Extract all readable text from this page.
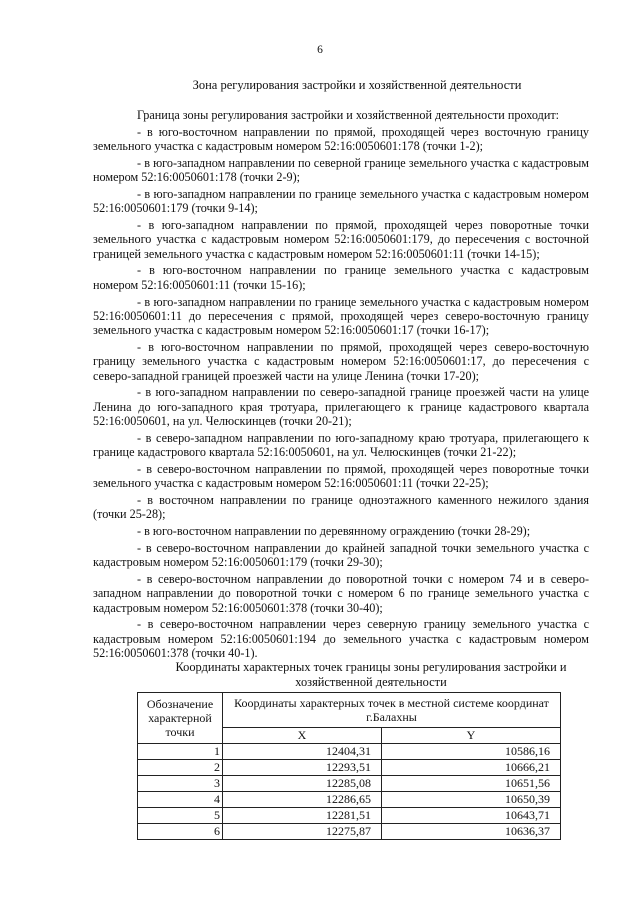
6
Зона регулирования застройки и хозяйственной деятельности

Граница зоны регулирования застройки и хозяйственной деятельности проходит:

- в юго-восточном направлении по прямой, проходящей через восточную границу земельного участка с кадастровым номером 52:16:0050601:178 (точки 1-2);

- в юго-западном направлении по северной границе земельного участка с кадастровым номером 52:16:0050601:178 (точки 2-9);

- в юго-западном направлении по границе земельного участка с кадастровым номером 52:16:0050601:179 (точки 9-14);

- в юго-западном направлении по прямой, проходящей через поворотные точки земельного участка с кадастровым номером 52:16:0050601:179, до пересечения с восточной границей земельного участка с кадастровым номером 52:16:0050601:11 (точки 14-15);

- в юго-восточном направлении по границе земельного участка с кадастровым номером 52:16:0050601:11 (точки 15-16);

- в юго-западном направлении по границе земельного участка с кадастровым номером 52:16:0050601:11 до пересечения с прямой, проходящей через северо-восточную границу земельного участка с кадастровым номером 52:16:0050601:17 (точки 16-17);

- в юго-восточном направлении по прямой, проходящей через северо-восточную границу земельного участка с кадастровым номером 52:16:0050601:17, до пересечения с северо-западной границей проезжей части на улице Ленина (точки 17-20);

- в юго-западном направлении по северо-западной границе проезжей части на улице Ленина до юго-западного края тротуара, прилегающего к границе кадастрового квартала 52:16:0050601, на ул. Челюскинцев (точки 20-21);

- в северо-западном направлении по юго-западному краю тротуара, прилегающего к границе кадастрового квартала 52:16:0050601, на ул. Челюскинцев (точки 21-22);

- в северо-восточном направлении по прямой, проходящей через поворотные точки земельного участка с кадастровым номером 52:16:0050601:11 (точки 22-25);

- в восточном направлении по границе одноэтажного каменного нежилого здания (точки 25-28);

- в юго-восточном направлении по деревянному ограждению (точки 28-29);

- в северо-восточном направлении до крайней западной точки земельного участка с кадастровым номером 52:16:0050601:179 (точки 29-30);

- в северо-восточном направлении до поворотной точки с номером 74 и в северо-западном направлении до поворотной точки с номером 6 по границе земельного участка с кадастровым номером 52:16:0050601:378 (точки 30-40);

- в северо-восточном направлении через северную границу земельного участка с кадастровым номером 52:16:0050601:194 до земельного участка с кадастровым номером 52:16:0050601:378 (точки 40-1).

Координаты характерных точек границы зоны регулирования застройки и хозяйственной деятельности
Обозначение характерной точки	Координаты характерных точек в местной системе координат г.Балахны	
	X	Y
1	12404,31	10586,16
2	12293,51	10666,21
3	12285,08	10651,56
4	12286,65	10650,39
5	12281,51	10643,71
6	12275,87	10636,37
